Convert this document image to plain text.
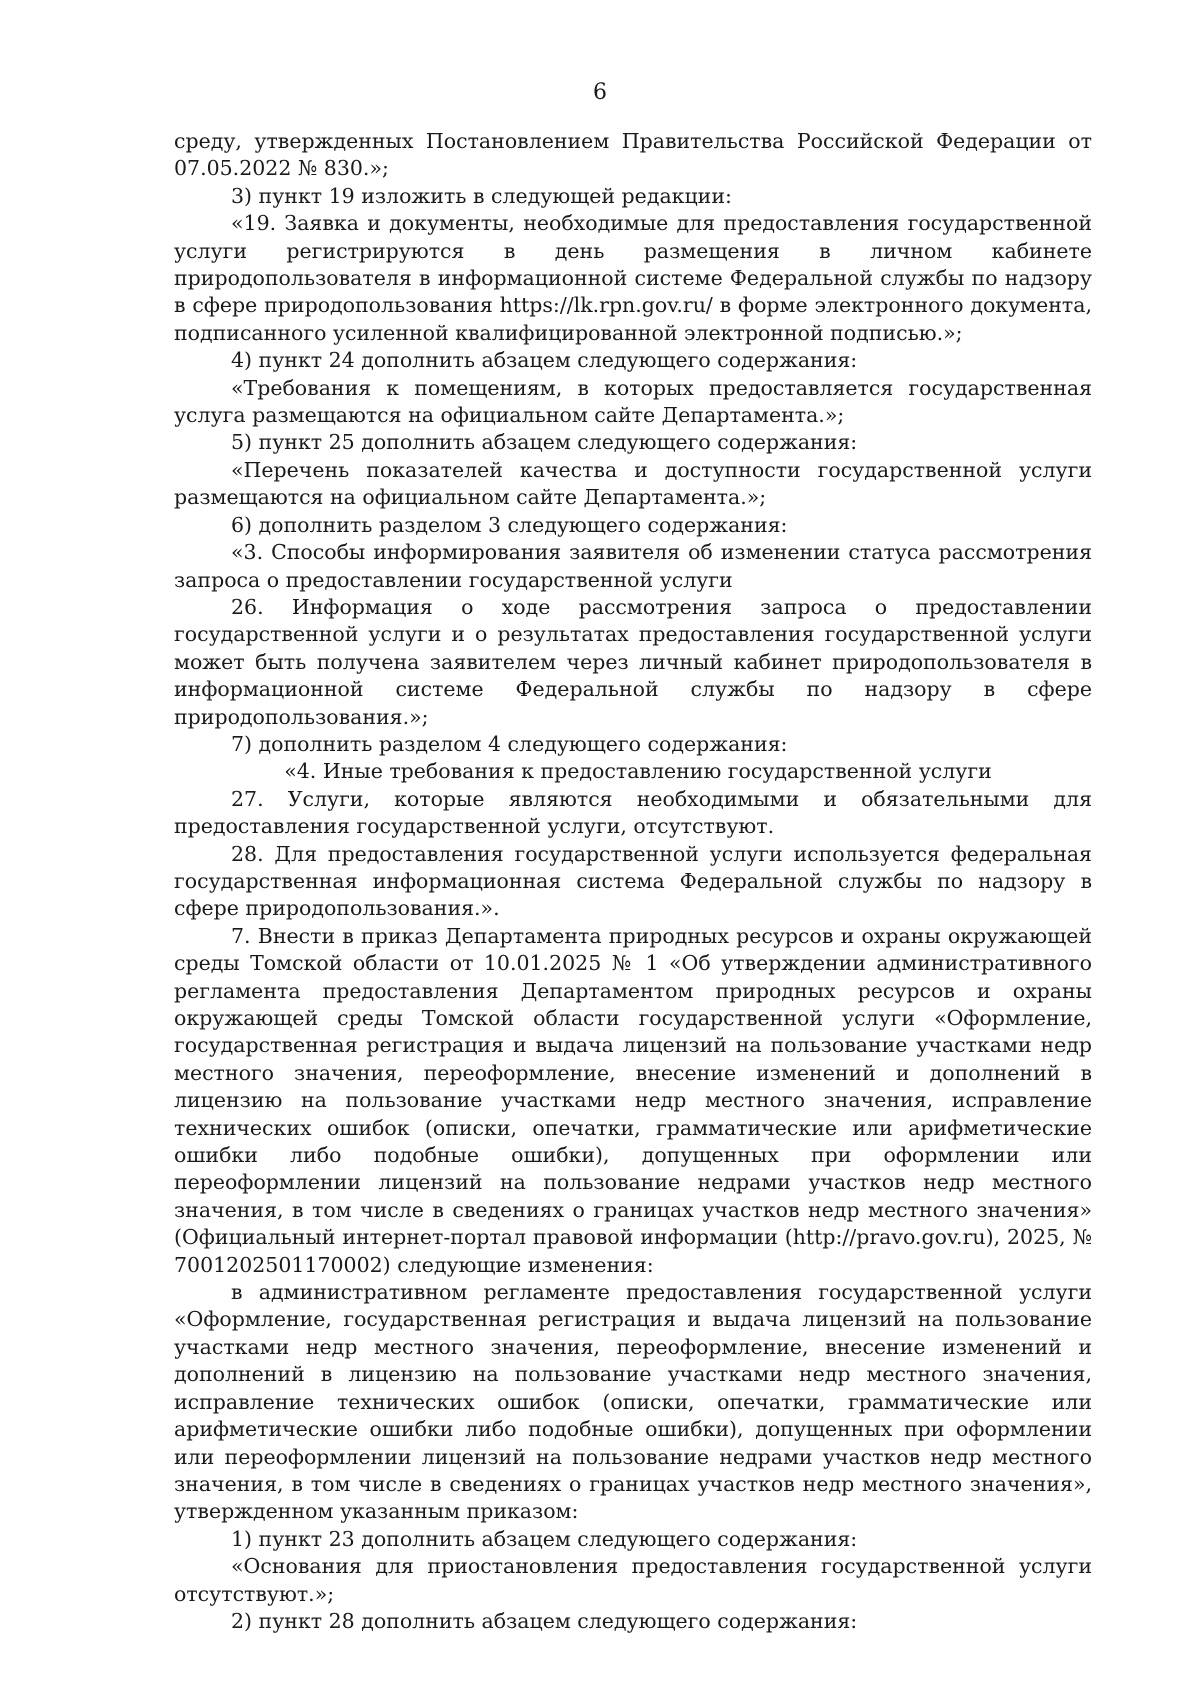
6

среду, утвержденных Постановлением Правительства Российской Федерации от 07.05.2022 № 830.»;

3) пункт 19 изложить в следующей редакции:

«19. Заявка и документы, необходимые для предоставления государственной услуги регистрируются в день размещения в личном кабинете природопользователя в информационной системе Федеральной службы по надзору в сфере природопользования https://lk.rpn.gov.ru/ в форме электронного документа, подписанного усиленной квалифицированной электронной подписью.»;

4) пункт 24 дополнить абзацем следующего содержания:

«Требования к помещениям, в которых предоставляется государственная услуга размещаются на официальном сайте Департамента.»;

5) пункт 25 дополнить абзацем следующего содержания:

«Перечень показателей качества и доступности государственной услуги размещаются на официальном сайте Департамента.»;

6) дополнить разделом 3 следующего содержания:

«3. Способы информирования заявителя об изменении статуса рассмотрения запроса о предоставлении государственной услуги

26. Информация о ходе рассмотрения запроса о предоставлении государственной услуги и о результатах предоставления государственной услуги может быть получена заявителем через личный кабинет природопользователя в информационной системе Федеральной службы по надзору в сфере природопользования.»;

7) дополнить разделом 4 следующего содержания:

«4. Иные требования к предоставлению государственной услуги

27. Услуги, которые являются необходимыми и обязательными для предоставления государственной услуги, отсутствуют.

28. Для предоставления государственной услуги используется федеральная государственная информационная система Федеральной службы по надзору в сфере природопользования.».

7. Внести в приказ Департамента природных ресурсов и охраны окружающей среды Томской области от 10.01.2025 № 1 «Об утверждении административного регламента предоставления Департаментом природных ресурсов и охраны окружающей среды Томской области государственной услуги «Оформление, государственная регистрация и выдача лицензий на пользование участками недр местного значения, переоформление, внесение изменений и дополнений в лицензию на пользование участками недр местного значения, исправление технических ошибок (описки, опечатки, грамматические или арифметические ошибки либо подобные ошибки), допущенных при оформлении или переоформлении лицензий на пользование недрами участков недр местного значения, в том числе в сведениях о границах участков недр местного значения» (Официальный интернет-портал правовой информации (http://pravo.gov.ru), 2025, № 7001202501170002) следующие изменения:

в административном регламенте предоставления государственной услуги «Оформление, государственная регистрация и выдача лицензий на пользование участками недр местного значения, переоформление, внесение изменений и дополнений в лицензию на пользование участками недр местного значения, исправление технических ошибок (описки, опечатки, грамматические или арифметические ошибки либо подобные ошибки), допущенных при оформлении или переоформлении лицензий на пользование недрами участков недр местного значения, в том числе в сведениях о границах участков недр местного значения», утвержденном указанным приказом:

1) пункт 23 дополнить абзацем следующего содержания:

«Основания для приостановления предоставления государственной услуги отсутствуют.»;

2) пункт 28 дополнить абзацем следующего содержания:
